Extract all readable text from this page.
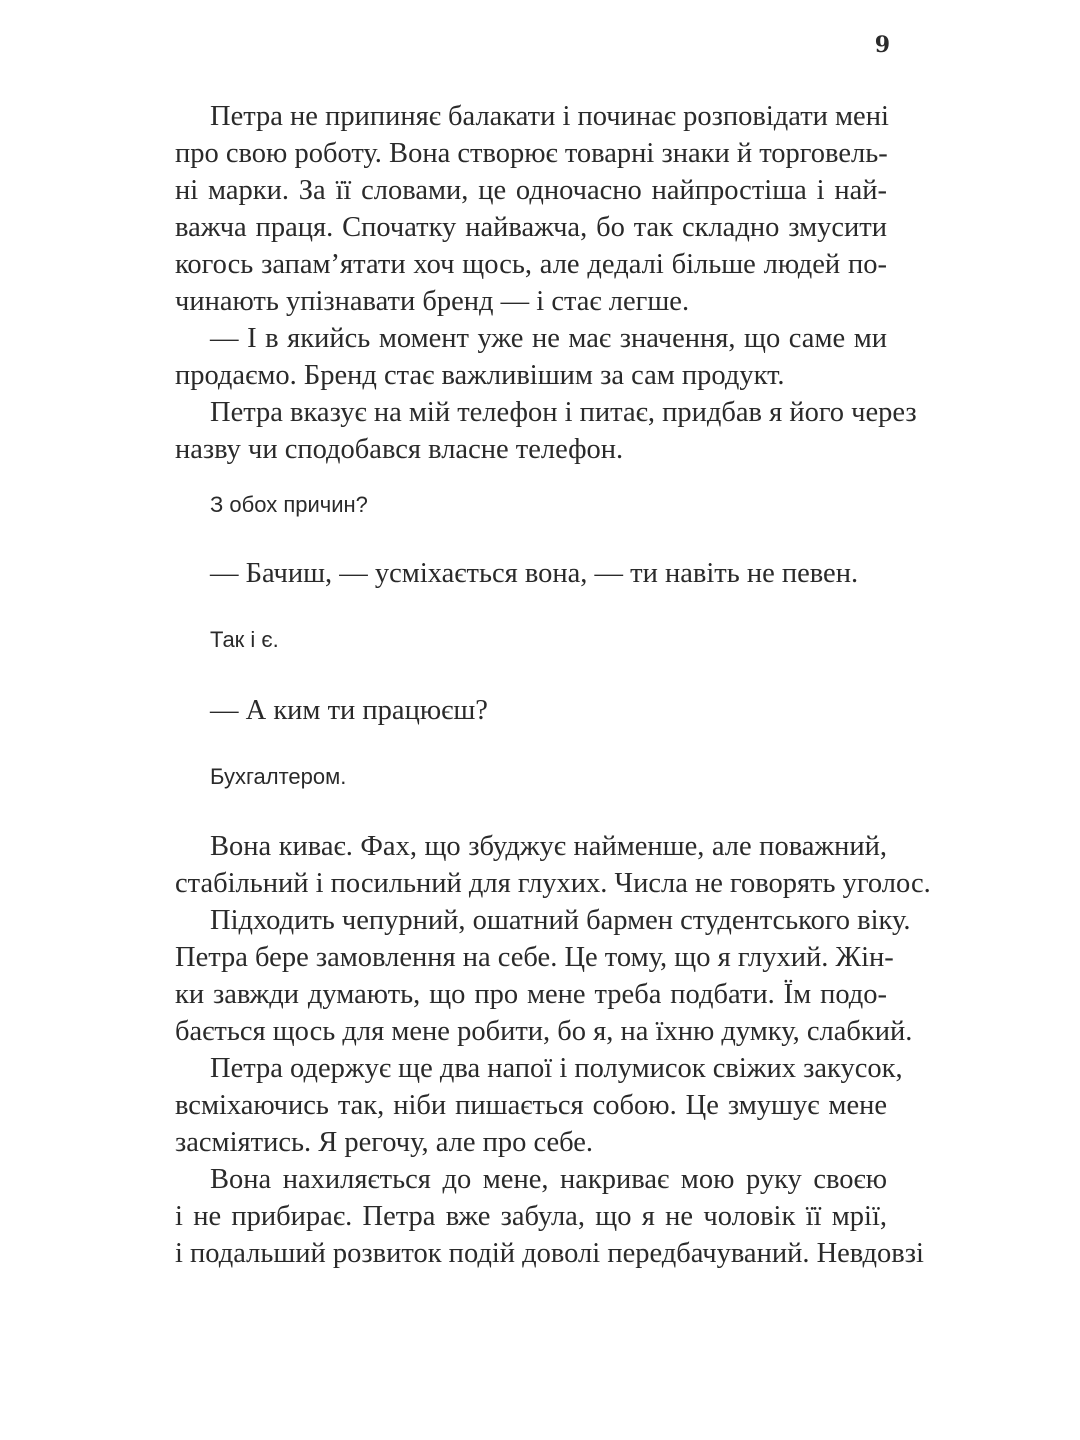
9
Петра не припиняє балакати і починає розповідати мені
про свою роботу. Вона створює товарні знаки й торговель-
ні марки. За її словами, це одночасно найпростіша і най-
важча праця. Спочатку найважча, бо так складно змусити
когось запам’ятати хоч щось, але дедалі більше людей по-
чинають упізнавати бренд — і стає легше.
— І в якийсь момент уже не має значення, що саме ми
продаємо. Бренд стає важливішим за сам продукт.
Петра вказує на мій телефон і питає, придбав я його через
назву чи сподобався власне телефон.

З обох причин?

— Бачиш, — усміхається вона, — ти навіть не певен.

Так і є.

— А ким ти працюєш?

Бухгалтером.

Вона киває. Фах, що збуджує найменше, але поважний,
стабільний і посильний для глухих. Числа не говорять уголос.
Підходить чепурний, ошатний бармен студентського віку.
Петра бере замовлення на себе. Це тому, що я глухий. Жін-
ки завжди думають, що про мене треба подбати. Їм подо-
бається щось для мене робити, бо я, на їхню думку, слабкий.
Петра одержує ще два напої і полумисок свіжих закусок,
всміхаючись так, ніби пишається собою. Це змушує мене
засміятись. Я регочу, але про себе.
Вона нахиляється до мене, накриває мою руку своєю
і не прибирає. Петра вже забула, що я не чоловік її мрії,
і подальший розвиток подій доволі передбачуваний. Невдовзі
